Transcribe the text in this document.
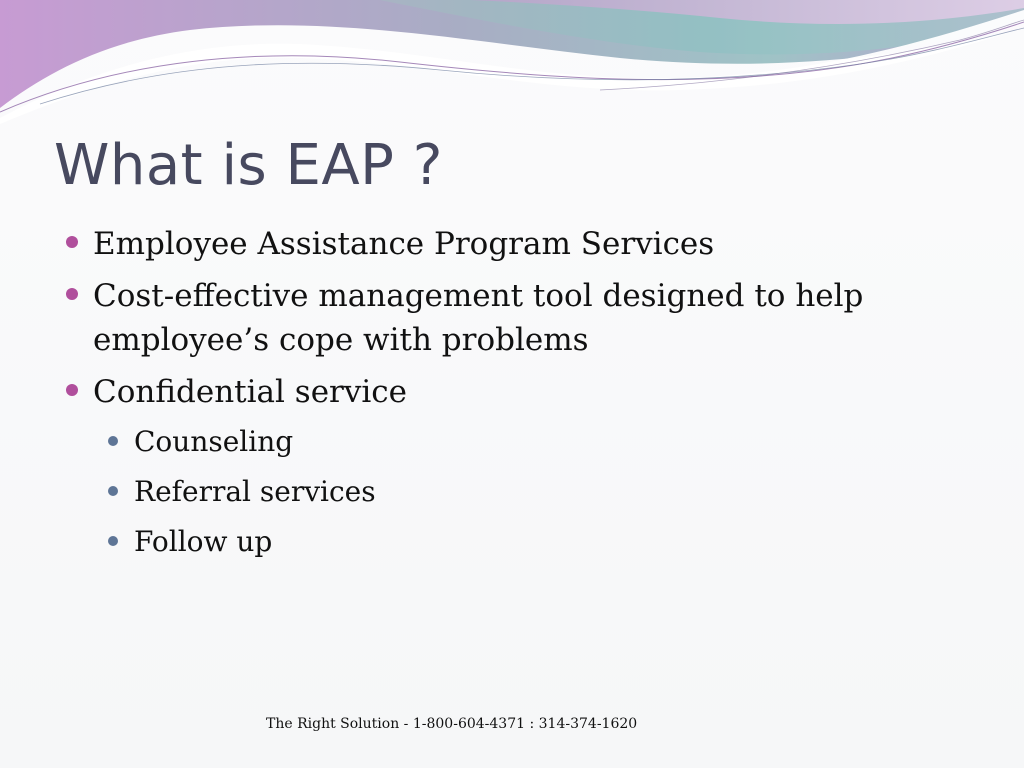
What is EAP ?
Employee Assistance Program Services
Cost-effective management tool designed to help employee’s cope with problems
Confidential service
Counseling
Referral services
Follow up
The Right Solution - 1-800-604-4371 : 314-374-1620
